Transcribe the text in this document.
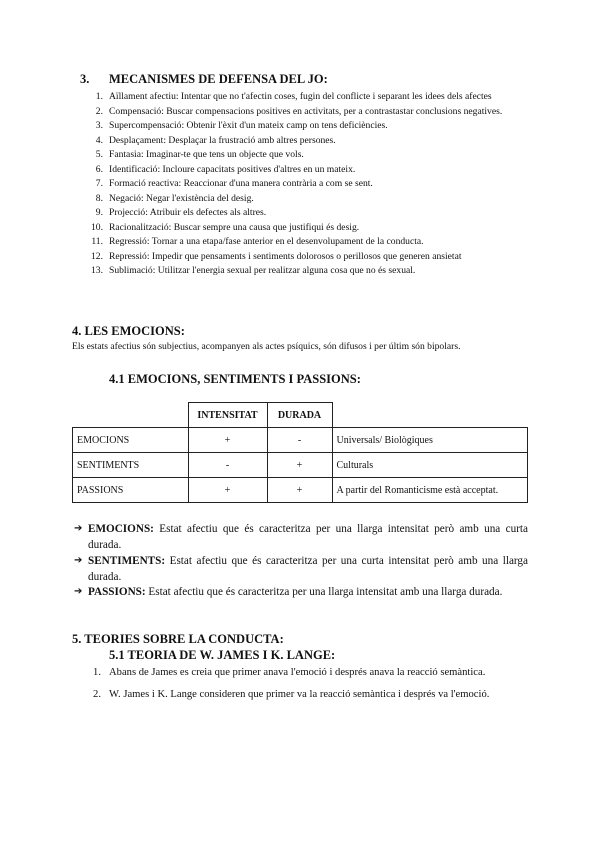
3. MECANISMES DE DEFENSA DEL JO:
1. Aïllament afectiu: Intentar que no t'afectin coses, fugin del conflicte i separant les idees dels afectes
2. Compensació: Buscar compensacions positives en activitats, per a contrastastar conclusions negatives.
3. Supercompensació: Obtenir l'èxit d'un mateix camp on tens deficiències.
4. Desplaçament: Desplaçar la frustració amb altres persones.
5. Fantasia: Imaginar-te que tens un objecte que vols.
6. Identificació: Incloure capacitats positives d'altres en un mateix.
7. Formació reactiva: Reaccionar d'una manera contrària a com se sent.
8. Negació: Negar l'existència del desig.
9. Projecció: Atribuir els defectes als altres.
10. Racionalització: Buscar sempre una causa que justifiqui és desig.
11. Regressió: Tornar a una etapa/fase anterior en el desenvolupament de la conducta.
12. Repressió: Impedir que pensaments i sentiments dolorosos o perillosos que generen ansietat
13. Sublimació: Utilitzar l'energia sexual per realitzar alguna cosa que no és sexual.
4. LES EMOCIONS:
Els estats afectius són subjectius, acompanyen als actes psíquics, són difusos i per últim són bipolars.
4.1 EMOCIONS, SENTIMENTS I PASSIONS:
	INTENSITAT	DURADA	
EMOCIONS	+	-	Universals/ Biològiques
SENTIMENTS	-	+	Culturals
PASSIONS	+	+	A partir del Romanticisme està acceptat.
➔ EMOCIONS: Estat afectiu que és caracteritza per una llarga intensitat però amb una curta durada.
➔ SENTIMENTS: Estat afectiu que és caracteritza per una curta intensitat però amb una llarga durada.
➔ PASSIONS: Estat afectiu que és caracteritza per una llarga intensitat amb una llarga durada.
5. TEORIES SOBRE LA CONDUCTA:
5.1 TEORIA DE W. JAMES I K. LANGE:
1. Abans de James es creia que primer anava l'emoció i després anava la reacció semàntica.
2. W. James i K. Lange consideren que primer va la reacció semàntica i després va l'emoció.
